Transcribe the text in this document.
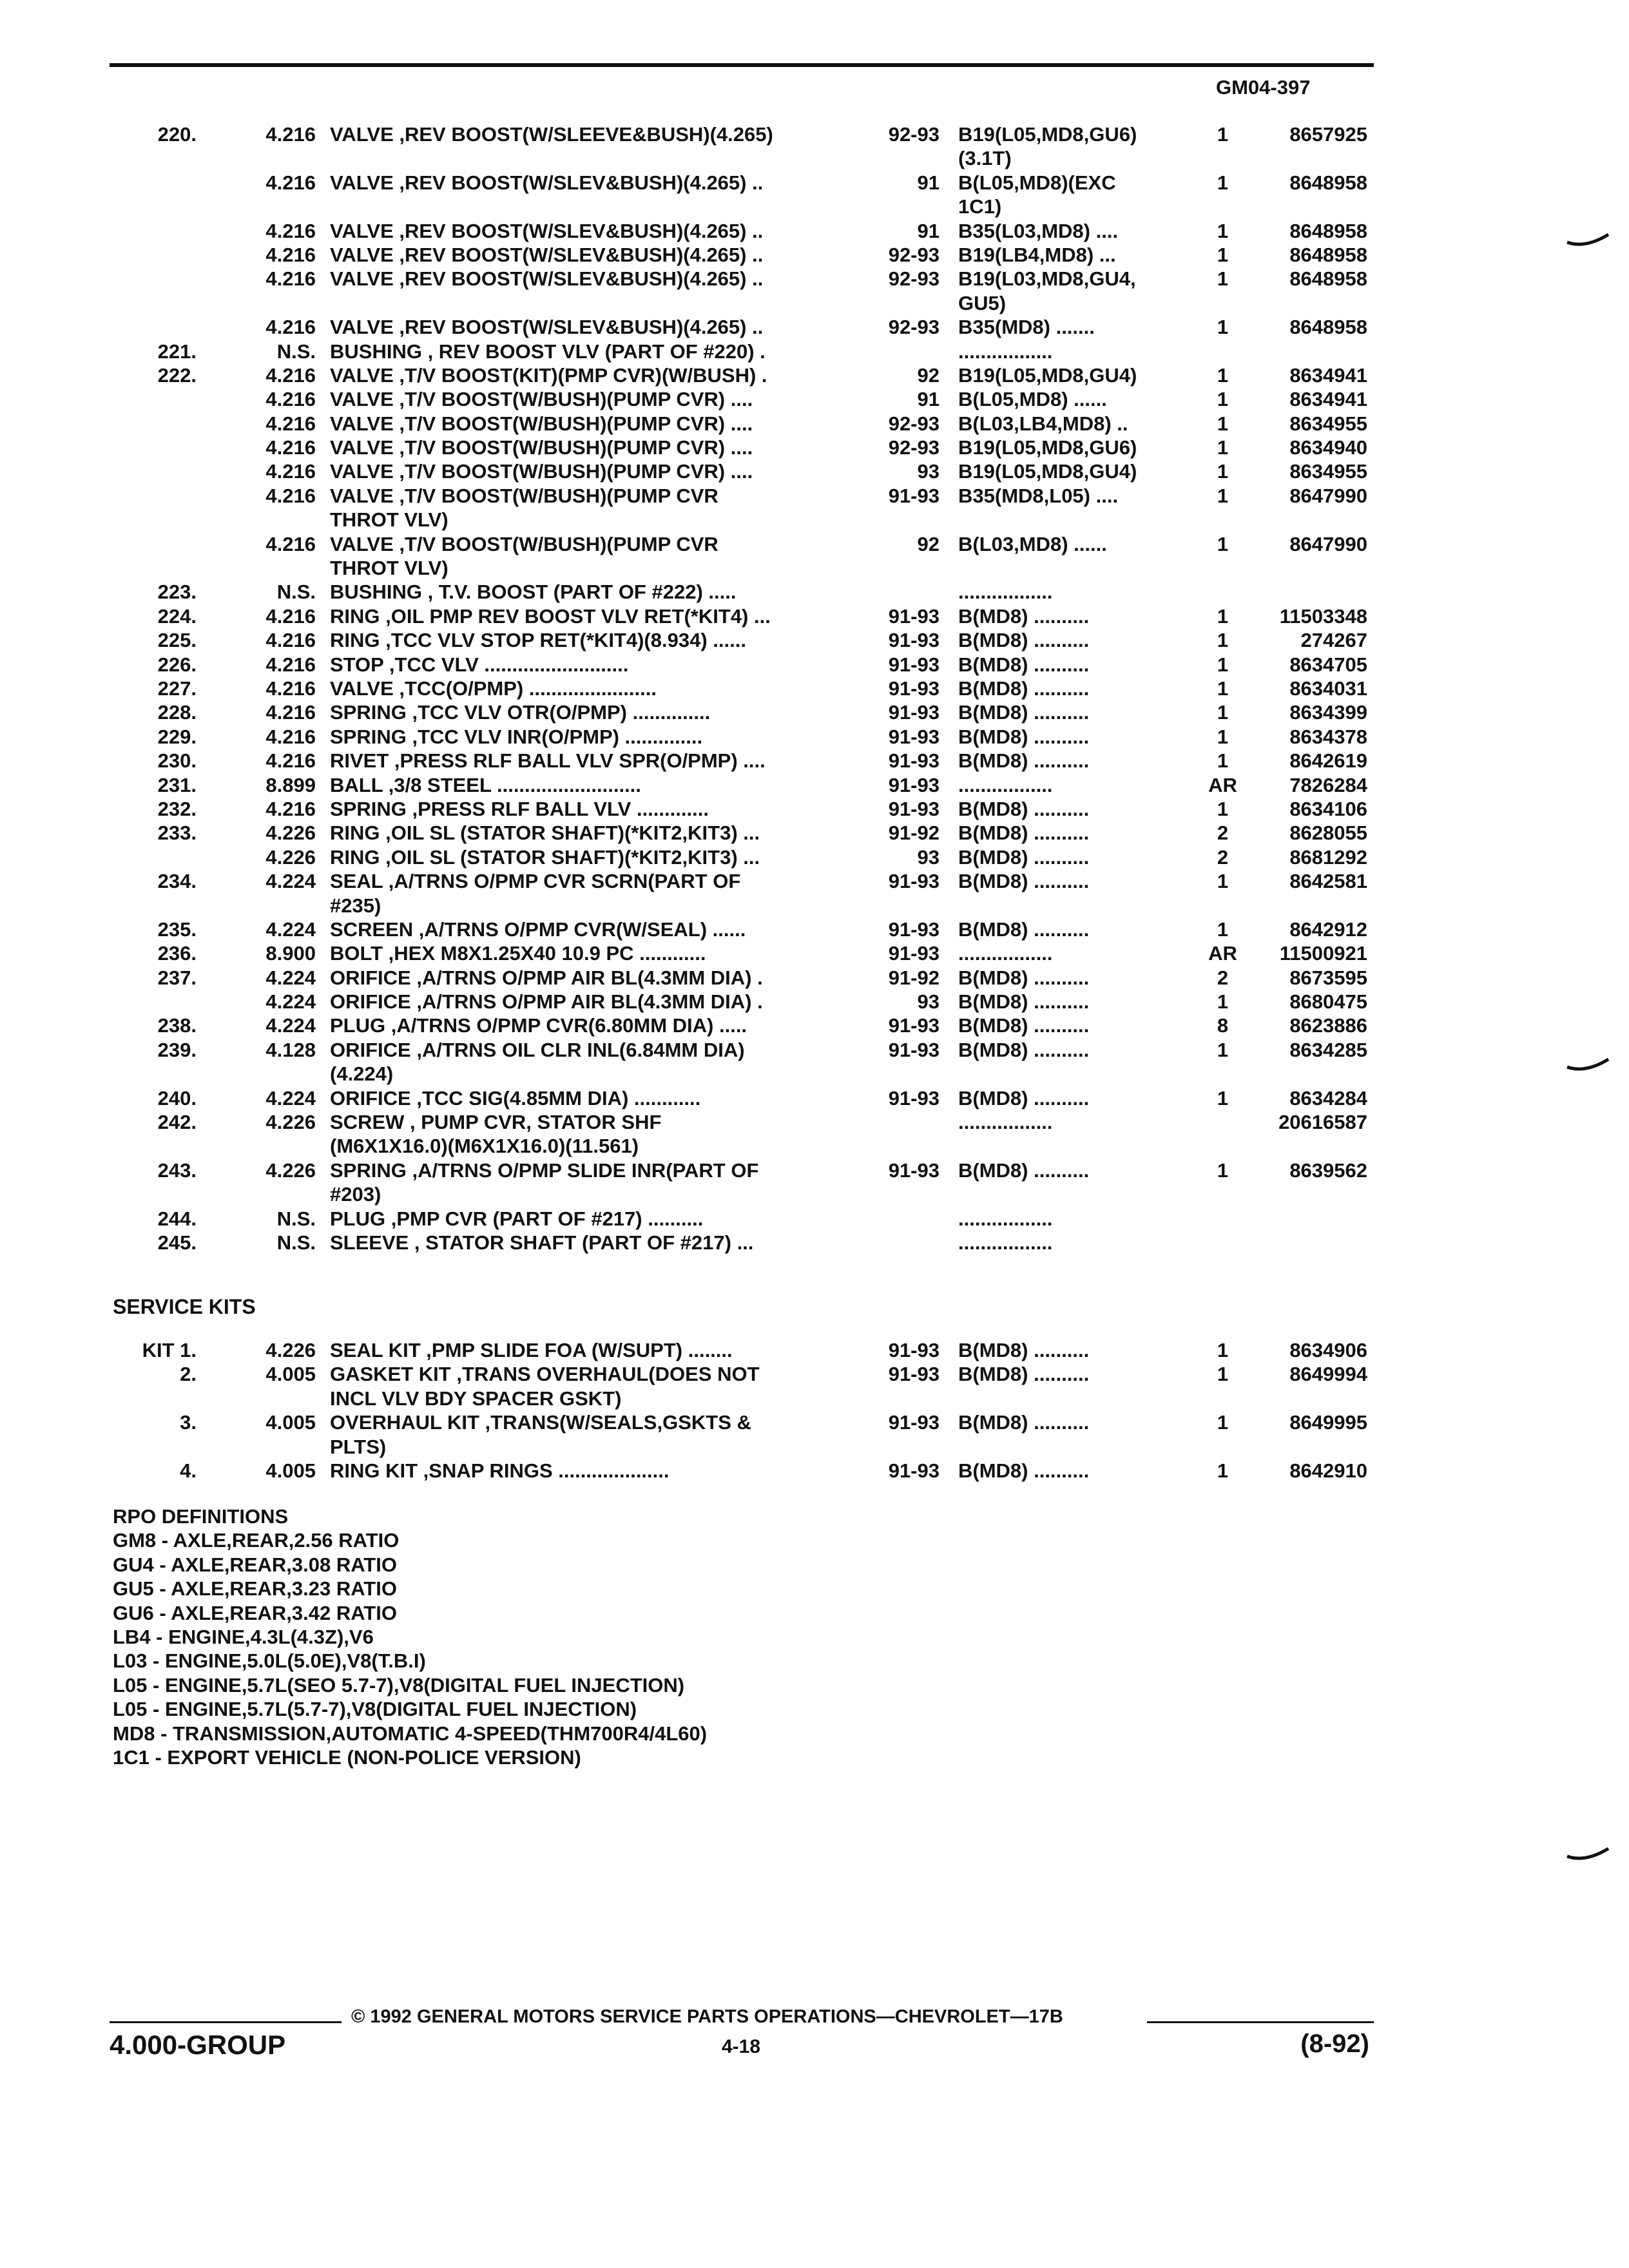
GM04-397
220.	4.216 VALVE ,REV BOOST(W/SLEEVE&BUSH)(4.265)	92-93 B19(L05,MD8,GU6)	1	8657925
(3.1T)
4.216 VALVE ,REV BOOST(W/SLEV&BUSH)(4.265) ..	91 B(L05,MD8)(EXC	1	8648958
1C1)
4.216 VALVE ,REV BOOST(W/SLEV&BUSH)(4.265) ..	91 B35(L03,MD8) ....	1	8648958
4.216 VALVE ,REV BOOST(W/SLEV&BUSH)(4.265) ..	92-93 B19(LB4,MD8) ...	1	8648958
4.216 VALVE ,REV BOOST(W/SLEV&BUSH)(4.265) ..	92-93 B19(L03,MD8,GU4,	1	8648958
GU5)
4.216 VALVE ,REV BOOST(W/SLEV&BUSH)(4.265) ..	92-93 B35(MD8) .......	1	8648958
221.	N.S. BUSHING , REV BOOST VLV (PART OF #220) .	.................
222.	4.216 VALVE ,T/V BOOST(KIT)(PMP CVR)(W/BUSH) .	92 B19(L05,MD8,GU4)	1	8634941
4.216 VALVE ,T/V BOOST(W/BUSH)(PUMP CVR) ....	91 B(L05,MD8) ......	1	8634941
4.216 VALVE ,T/V BOOST(W/BUSH)(PUMP CVR) ....	92-93 B(L03,LB4,MD8) ..	1	8634955
4.216 VALVE ,T/V BOOST(W/BUSH)(PUMP CVR) ....	92-93 B19(L05,MD8,GU6)	1	8634940
4.216 VALVE ,T/V BOOST(W/BUSH)(PUMP CVR) ....	93 B19(L05,MD8,GU4)	1	8634955
4.216 VALVE ,T/V BOOST(W/BUSH)(PUMP CVR	91-93 B35(MD8,L05) ....	1	8647990
THROT VLV)
4.216 VALVE ,T/V BOOST(W/BUSH)(PUMP CVR	92 B(L03,MD8) ......	1	8647990
THROT VLV)
223.	N.S. BUSHING , T.V. BOOST (PART OF #222) .....	.................
224.	4.216 RING ,OIL PMP REV BOOST VLV RET(*KIT4) ...	91-93 B(MD8) ..........	1	11503348
225.	4.216 RING ,TCC VLV STOP RET(*KIT4)(8.934) ......	91-93 B(MD8) ..........	1	274267
226.	4.216 STOP ,TCC VLV ..........................	91-93 B(MD8) ..........	1	8634705
227.	4.216 VALVE ,TCC(O/PMP) .......................	91-93 B(MD8) ..........	1	8634031
228.	4.216 SPRING ,TCC VLV OTR(O/PMP) ..............	91-93 B(MD8) ..........	1	8634399
229.	4.216 SPRING ,TCC VLV INR(O/PMP) ..............	91-93 B(MD8) ..........	1	8634378
230.	4.216 RIVET ,PRESS RLF BALL VLV SPR(O/PMP) ....	91-93 B(MD8) ..........	1	8642619
231.	8.899 BALL ,3/8 STEEL ..........................	91-93 .................	AR	7826284
232.	4.216 SPRING ,PRESS RLF BALL VLV .............	91-93 B(MD8) ..........	1	8634106
233.	4.226 RING ,OIL SL (STATOR SHAFT)(*KIT2,KIT3) ...	91-92 B(MD8) ..........	2	8628055
4.226 RING ,OIL SL (STATOR SHAFT)(*KIT2,KIT3) ...	93 B(MD8) ..........	2	8681292
234.	4.224 SEAL ,A/TRNS O/PMP CVR SCRN(PART OF	91-93 B(MD8) ..........	1	8642581
#235)
235.	4.224 SCREEN ,A/TRNS O/PMP CVR(W/SEAL) ......	91-93 B(MD8) ..........	1	8642912
236.	8.900 BOLT ,HEX M8X1.25X40 10.9 PC ............	91-93 .................	AR	11500921
237.	4.224 ORIFICE ,A/TRNS O/PMP AIR BL(4.3MM DIA) .	91-92 B(MD8) ..........	2	8673595
4.224 ORIFICE ,A/TRNS O/PMP AIR BL(4.3MM DIA) .	93 B(MD8) ..........	1	8680475
238.	4.224 PLUG ,A/TRNS O/PMP CVR(6.80MM DIA) .....	91-93 B(MD8) ..........	8	8623886
239.	4.128 ORIFICE ,A/TRNS OIL CLR INL(6.84MM DIA)	91-93 B(MD8) ..........	1	8634285
(4.224)
240.	4.224 ORIFICE ,TCC SIG(4.85MM DIA) ............	91-93 B(MD8) ..........	1	8634284
242.	4.226 SCREW , PUMP CVR, STATOR SHF	.................	20616587
(M6X1X16.0)(M6X1X16.0)(11.561)
243.	4.226 SPRING ,A/TRNS O/PMP SLIDE INR(PART OF	91-93 B(MD8) ..........	1	8639562
#203)
244.	N.S. PLUG ,PMP CVR (PART OF #217) ..........	.................
245.	N.S. SLEEVE , STATOR SHAFT (PART OF #217) ...	.................
SERVICE KITS
KIT 1.	4.226 SEAL KIT ,PMP SLIDE FOA (W/SUPT) ........	91-93 B(MD8) ..........	1	8634906
2.	4.005 GASKET KIT ,TRANS OVERHAUL(DOES NOT	91-93 B(MD8) ..........	1	8649994
INCL VLV BDY SPACER GSKT)
3.	4.005 OVERHAUL KIT ,TRANS(W/SEALS,GSKTS &	91-93 B(MD8) ..........	1	8649995
PLTS)
4.	4.005 RING KIT ,SNAP RINGS ....................	91-93 B(MD8) ..........	1	8642910
RPO DEFINITIONS
GM8 - AXLE,REAR,2.56 RATIO
GU4 - AXLE,REAR,3.08 RATIO
GU5 - AXLE,REAR,3.23 RATIO
GU6 - AXLE,REAR,3.42 RATIO
LB4 - ENGINE,4.3L(4.3Z),V6
L03 - ENGINE,5.0L(5.0E),V8(T.B.I)
L05 - ENGINE,5.7L(SEO 5.7-7),V8(DIGITAL FUEL INJECTION)
L05 - ENGINE,5.7L(5.7-7),V8(DIGITAL FUEL INJECTION)
MD8 - TRANSMISSION,AUTOMATIC 4-SPEED(THM700R4/4L60)
1C1 - EXPORT VEHICLE (NON-POLICE VERSION)
© 1992 GENERAL MOTORS SERVICE PARTS OPERATIONS—CHEVROLET—17B
4.000-GROUP	4-18	(8-92)
